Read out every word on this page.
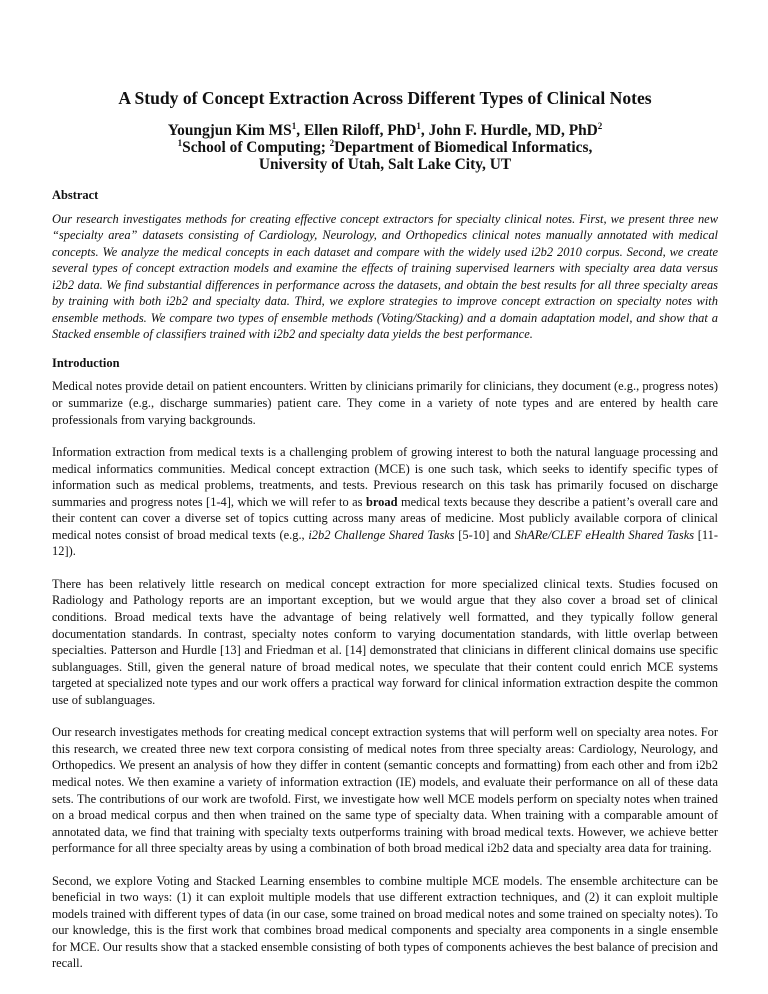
A Study of Concept Extraction Across Different Types of Clinical Notes
Youngjun Kim $MS^1$, Ellen Riloff, PhD$^1$, John F. Hurdle, MD, PhD$^2$
$^1$School of Computing; $^2$Department of Biomedical Informatics,
University of Utah, Salt Lake City, UT
Abstract

Our research investigates methods for creating effective concept extractors for specialty clinical notes. First, we present three new “specialty area” datasets consisting of Cardiology, Neurology, and Orthopedics clinical notes manually annotated with medical concepts. We analyze the medical concepts in each dataset and compare with the widely used i2b2 2010 corpus. Second, we create several types of concept extraction models and examine the effects of training supervised learners with specialty area data versus i2b2 data. We find substantial differences in performance across the datasets, and obtain the best results for all three specialty areas by training with both i2b2 and specialty data. Third, we explore strategies to improve concept extraction on specialty notes with ensemble methods. We compare two types of ensemble methods (Voting/Stacking) and a domain adaptation model, and show that a Stacked ensemble of classifiers trained with i2b2 and specialty data yields the best performance.

Introduction

Medical notes provide detail on patient encounters. Written by clinicians primarily for clinicians, they document (e.g., progress notes) or summarize (e.g., discharge summaries) patient care. They come in a variety of note types and are entered by health care professionals from varying backgrounds.

Information extraction from medical texts is a challenging problem of growing interest to both the natural language processing and medical informatics communities. Medical concept extraction (MCE) is one such task, which seeks to identify specific types of information such as medical problems, treatments, and tests. Previous research on this task has primarily focused on discharge summaries and progress notes [1-4], which we will refer to as broad medical texts because they describe a patient’s overall care and their content can cover a diverse set of topics cutting across many areas of medicine. Most publicly available corpora of clinical medical notes consist of broad medical texts (e.g., i2b2 Challenge Shared Tasks [5-10] and ShARe/CLEF eHealth Shared Tasks [11-12]).

There has been relatively little research on medical concept extraction for more specialized clinical texts. Studies focused on Radiology and Pathology reports are an important exception, but we would argue that they also cover a broad set of clinical conditions. Broad medical texts have the advantage of being relatively well formatted, and they typically follow general documentation standards. In contrast, specialty notes conform to varying documentation standards, with little overlap between specialties. Patterson and Hurdle [13] and Friedman et al. [14] demonstrated that clinicians in different clinical domains use specific sublanguages. Still, given the general nature of broad medical notes, we speculate that their content could enrich MCE systems targeted at specialized note types and our work offers a practical way forward for clinical information extraction despite the common use of sublanguages.

Our research investigates methods for creating medical concept extraction systems that will perform well on specialty area notes. For this research, we created three new text corpora consisting of medical notes from three specialty areas: Cardiology, Neurology, and Orthopedics. We present an analysis of how they differ in content (semantic concepts and formatting) from each other and from i2b2 medical notes. We then examine a variety of information extraction (IE) models, and evaluate their performance on all of these data sets. The contributions of our work are twofold. First, we investigate how well MCE models perform on specialty notes when trained on a broad medical corpus and then when trained on the same type of specialty data. When training with a comparable amount of annotated data, we find that training with specialty texts outperforms training with broad medical texts. However, we achieve better performance for all three specialty areas by using a combination of both broad medical i2b2 data and specialty area data for training.

Second, we explore Voting and Stacked Learning ensembles to combine multiple MCE models. The ensemble architecture can be beneficial in two ways: (1) it can exploit multiple models that use different extraction techniques, and (2) it can exploit multiple models trained with different types of data (in our case, some trained on broad medical notes and some trained on specialty notes). To our knowledge, this is the first work that combines broad medical components and specialty area components in a single ensemble for MCE. Our results show that a stacked ensemble consisting of both types of components achieves the best balance of precision and recall.
